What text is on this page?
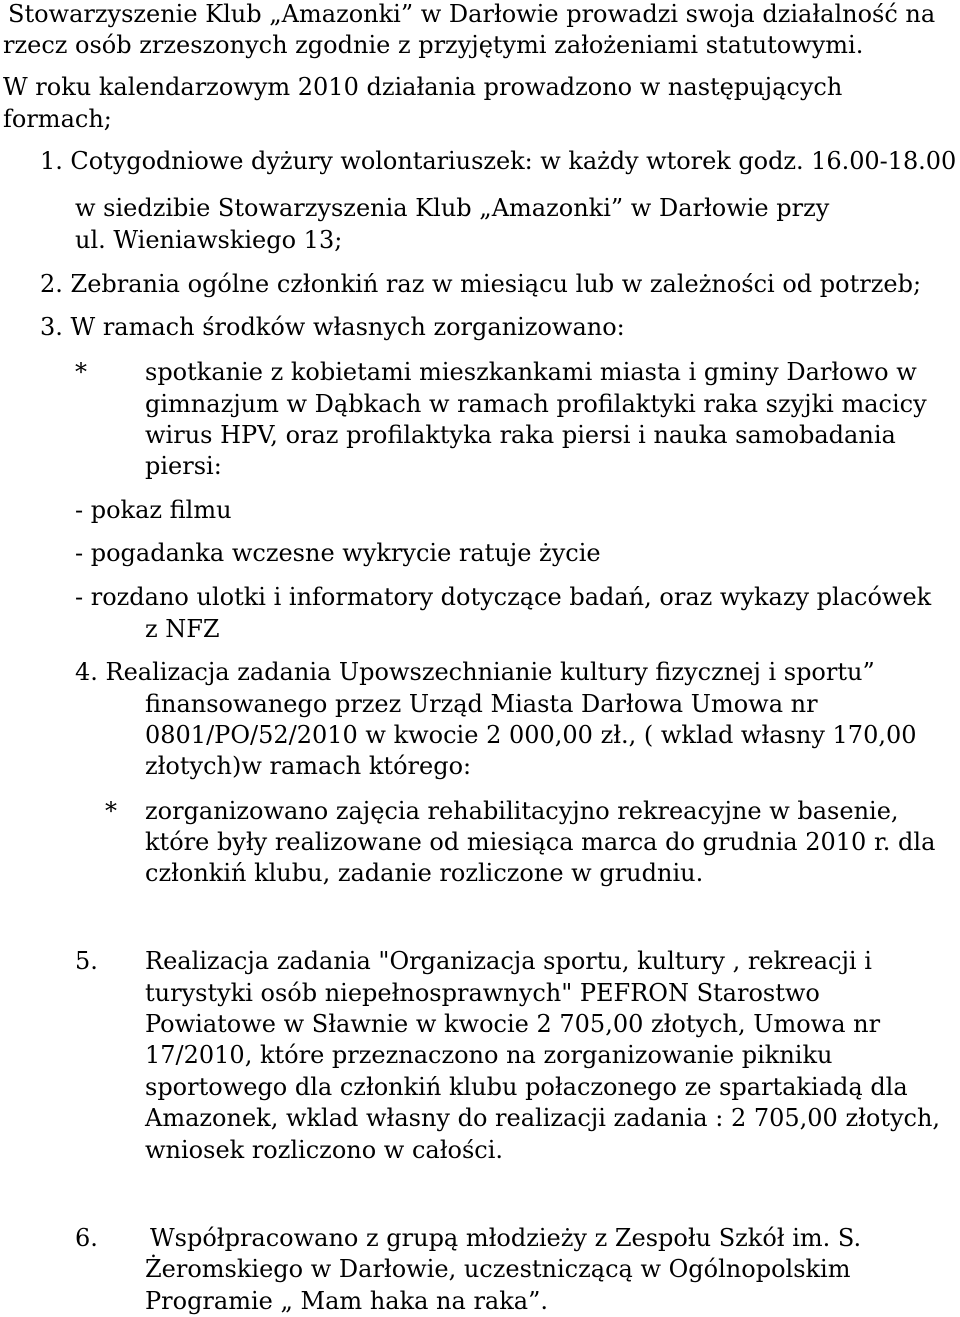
Stowarzyszenie Klub „Amazonki” w Darłowie prowadzi swoja działalność na

rzecz osób zrzeszonych zgodnie z przyjętymi założeniami statutowymi.

W roku kalendarzowym 2010 działania prowadzono w następujących

formach;

1. Cotygodniowe dyżury wolontariuszek: w każdy wtorek godz. 16.00-18.00

w siedzibie Stowarzyszenia Klub „Amazonki” w Darłowie przy

ul. Wieniawskiego 13;

2. Zebrania ogólne członkiń raz w miesiącu lub w zależności od potrzeb;

3. W ramach środków własnych zorganizowano:

* spotkanie z kobietami mieszkankami miasta i gminy Darłowo w

gimnazjum w Dąbkach w ramach profilaktyki raka szyjki macicy

wirus HPV, oraz profilaktyka raka piersi i nauka samobadania

piersi:

- pokaz filmu

- pogadanka wczesne wykrycie ratuje życie

- rozdano ulotki i informatory dotyczące badań, oraz wykazy placówek

z NFZ

4. Realizacja zadania Upowszechnianie kultury fizycznej i sportu”

finansowanego przez Urząd Miasta Darłowa Umowa nr

0801/PO/52/2010 w kwocie 2 000,00 zł., ( wklad własny 170,00

złotych)w ramach którego:

* zorganizowano zajęcia rehabilitacyjno rekreacyjne w basenie,

które były realizowane od miesiąca marca do grudnia 2010 r. dla

członkiń klubu, zadanie rozliczone w grudniu.

5. Realizacja zadania "Organizacja sportu, kultury , rekreacji i

turystyki osób niepełnosprawnych" PEFRON Starostwo

Powiatowe w Sławnie w kwocie 2 705,00 złotych, Umowa nr

17/2010, które przeznaczono na zorganizowanie pikniku

sportowego dla członkiń klubu połaczonego ze spartakiadą dla

Amazonek, wklad własny do realizacji zadania : 2 705,00 złotych,

wniosek rozliczono w całości.

6. Współpracowano z grupą młodzieży z Zespołu Szkół im. S.

Żeromskiego w Darłowie, uczestniczącą w Ogólnopolskim

Programie „ Mam haka na raka”.
